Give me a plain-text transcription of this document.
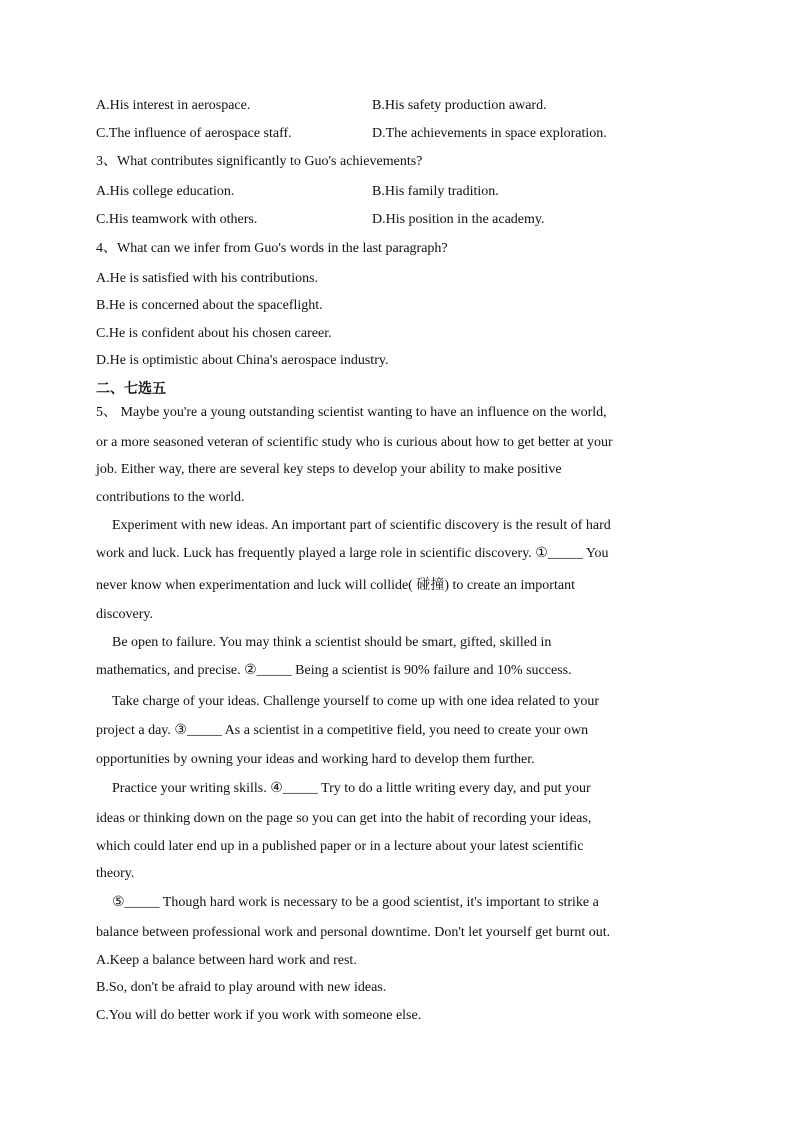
A.His interest in aerospace.	B.His safety production award.
C.The influence of aerospace staff.	D.The achievements in space exploration.
3、What contributes significantly to Guo's achievements?
A.His college education.	B.His family tradition.
C.His teamwork with others.	D.His position in the academy.
4、What can we infer from Guo's words in the last paragraph?
A.He is satisfied with his contributions.
B.He is concerned about the spaceflight.
C.He is confident about his chosen career.
D.He is optimistic about China's aerospace industry.
二、七选五
5、 Maybe you're a young outstanding scientist wanting to have an influence on the world,
or a more seasoned veteran of scientific study who is curious about how to get better at your
job. Either way, there are several key steps to develop your ability to make positive
contributions to the world.
Experiment with new ideas. An important part of scientific discovery is the result of hard
work and luck. Luck has frequently played a large role in scientific discovery. ①_____ You
never know when experimentation and luck will collide( 碰撞) to create an important
discovery.
Be open to failure. You may think a scientist should be smart, gifted, skilled in
mathematics, and precise. ②_____ Being a scientist is 90% failure and 10% success.
Take charge of your ideas. Challenge yourself to come up with one idea related to your
project a day. ③_____ As a scientist in a competitive field, you need to create your own
opportunities by owning your ideas and working hard to develop them further.
Practice your writing skills. ④_____ Try to do a little writing every day, and put your
ideas or thinking down on the page so you can get into the habit of recording your ideas,
which could later end up in a published paper or in a lecture about your latest scientific
theory.
⑤_____ Though hard work is necessary to be a good scientist, it's important to strike a
balance between professional work and personal downtime. Don't let yourself get burnt out.
A.Keep a balance between hard work and rest.
B.So, don't be afraid to play around with new ideas.
C.You will do better work if you work with someone else.
